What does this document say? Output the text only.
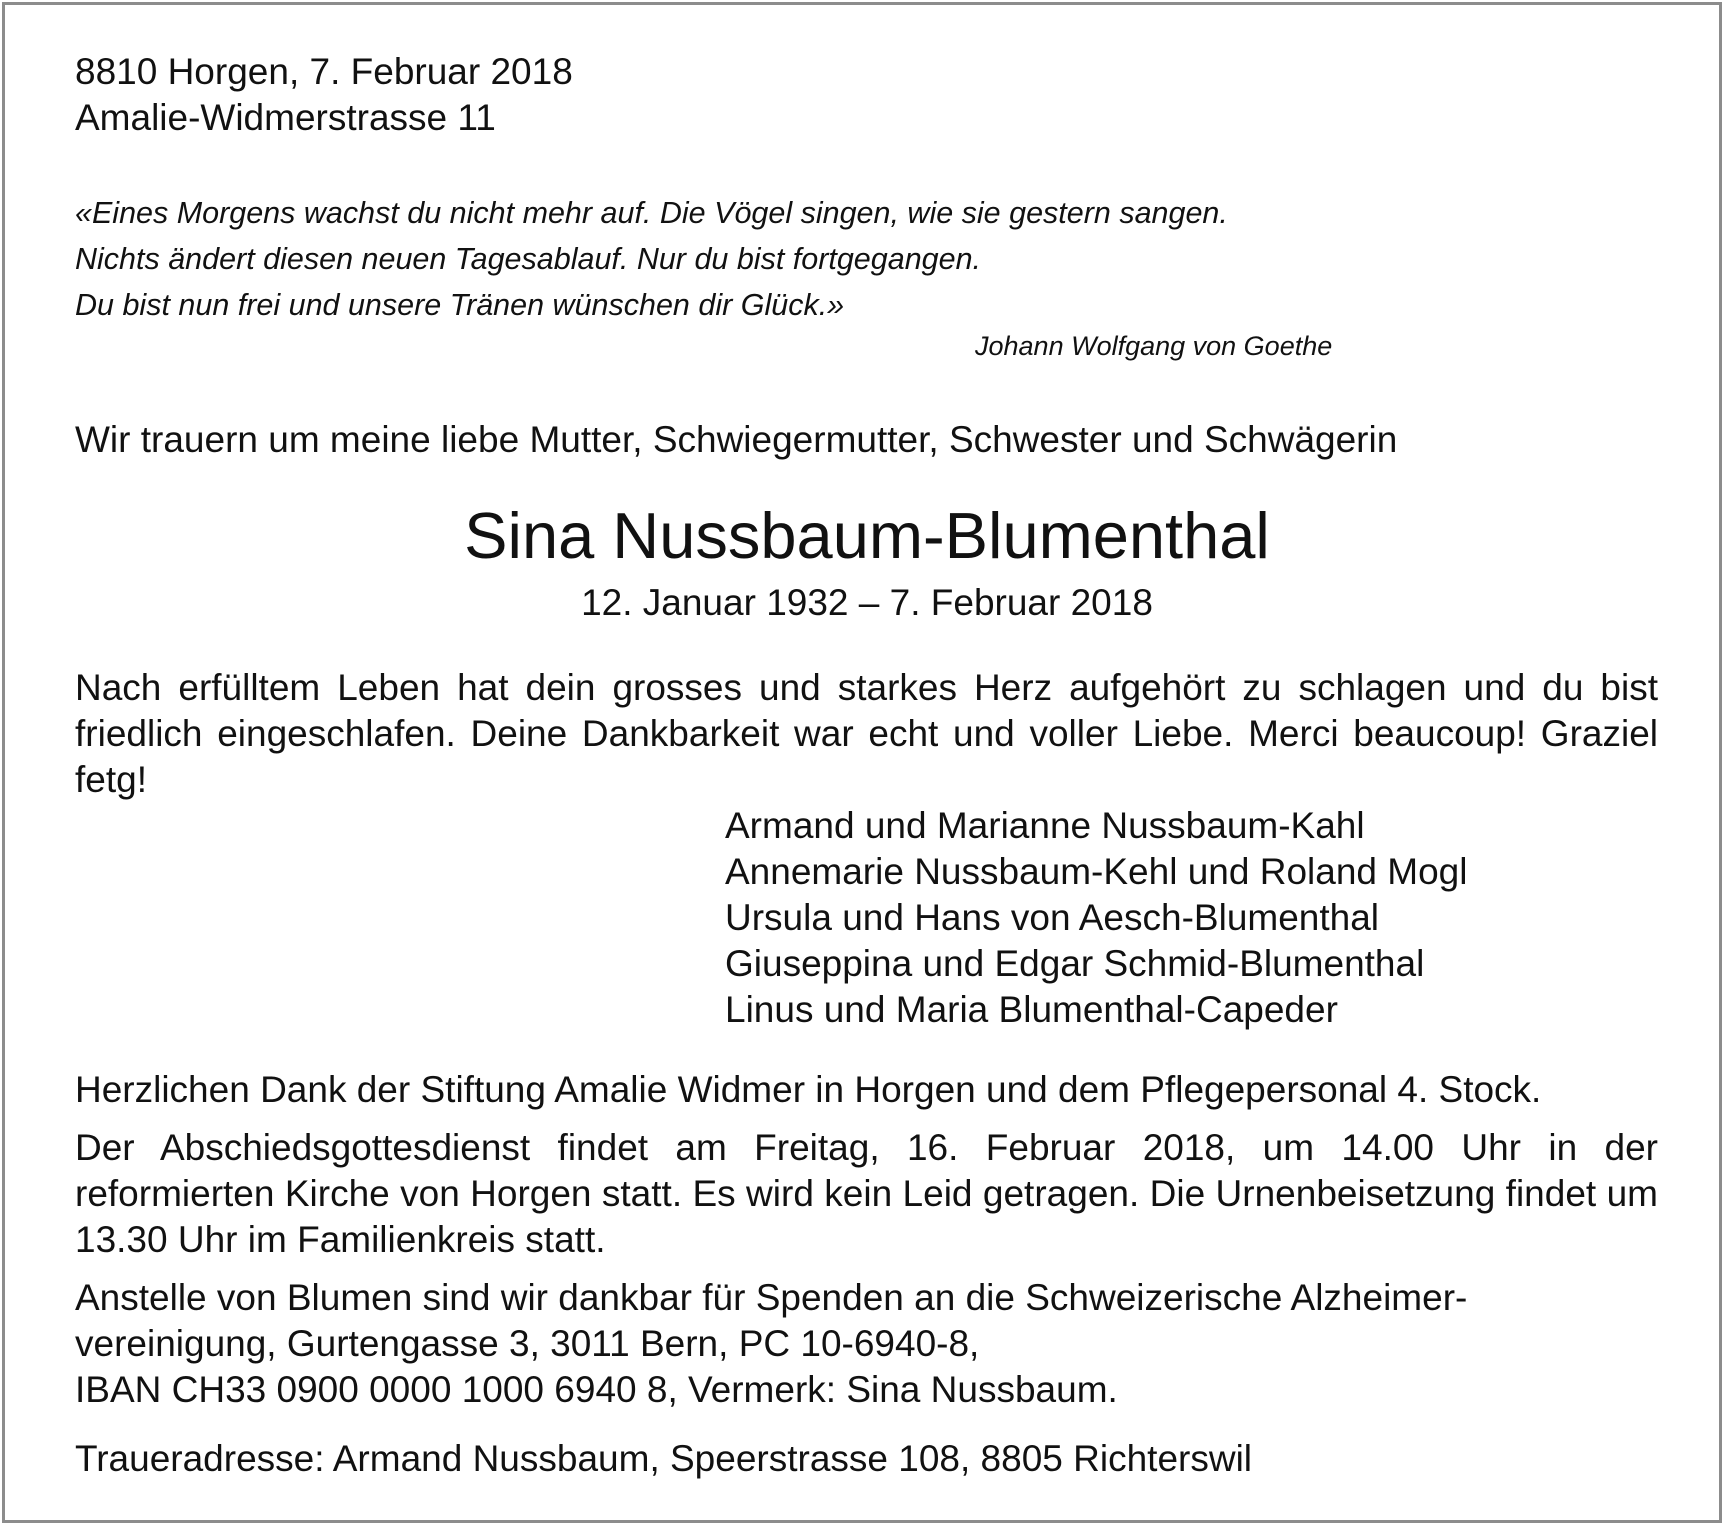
8810 Horgen, 7. Februar 2018

Amalie-Widmerstrasse 11

«Eines Morgens wachst du nicht mehr auf. Die Vögel singen, wie sie gestern sangen.

Nichts ändert diesen neuen Tagesablauf. Nur du bist fortgegangen.

Du bist nun frei und unsere Tränen wünschen dir Glück.»

Johann Wolfgang von Goethe

Wir trauern um meine liebe Mutter, Schwiegermutter, Schwester und Schwägerin

Sina Nussbaum-Blumenthal

12. Januar 1932 – 7. Februar 2018

Nach erfülltem Leben hat dein grosses und starkes Herz aufgehört zu schlagen und du bist friedlich eingeschlafen. Deine Dankbarkeit war echt und voller Liebe. Merci beaucoup! Graziel fetg!

Armand und Marianne Nussbaum-Kahl
Annemarie Nussbaum-Kehl und Roland Mogl
Ursula und Hans von Aesch-Blumenthal
Giuseppina und Edgar Schmid-Blumenthal
Linus und Maria Blumenthal-Capeder

Herzlichen Dank der Stiftung Amalie Widmer in Horgen und dem Pflegepersonal 4. Stock.

Der Abschiedsgottesdienst findet am Freitag, 16. Februar 2018, um 14.00 Uhr in der reformierten Kirche von Horgen statt. Es wird kein Leid getragen. Die Urnenbeisetzung findet um 13.30 Uhr im Familienkreis statt.

Anstelle von Blumen sind wir dankbar für Spenden an die Schweizerische Alzheimer-

vereinigung, Gurtengasse 3, 3011 Bern, PC 10-6940-8,

IBAN CH33 0900 0000 1000 6940 8, Vermerk: Sina Nussbaum.

Traueradresse: Armand Nussbaum, Speerstrasse 108, 8805 Richterswil
